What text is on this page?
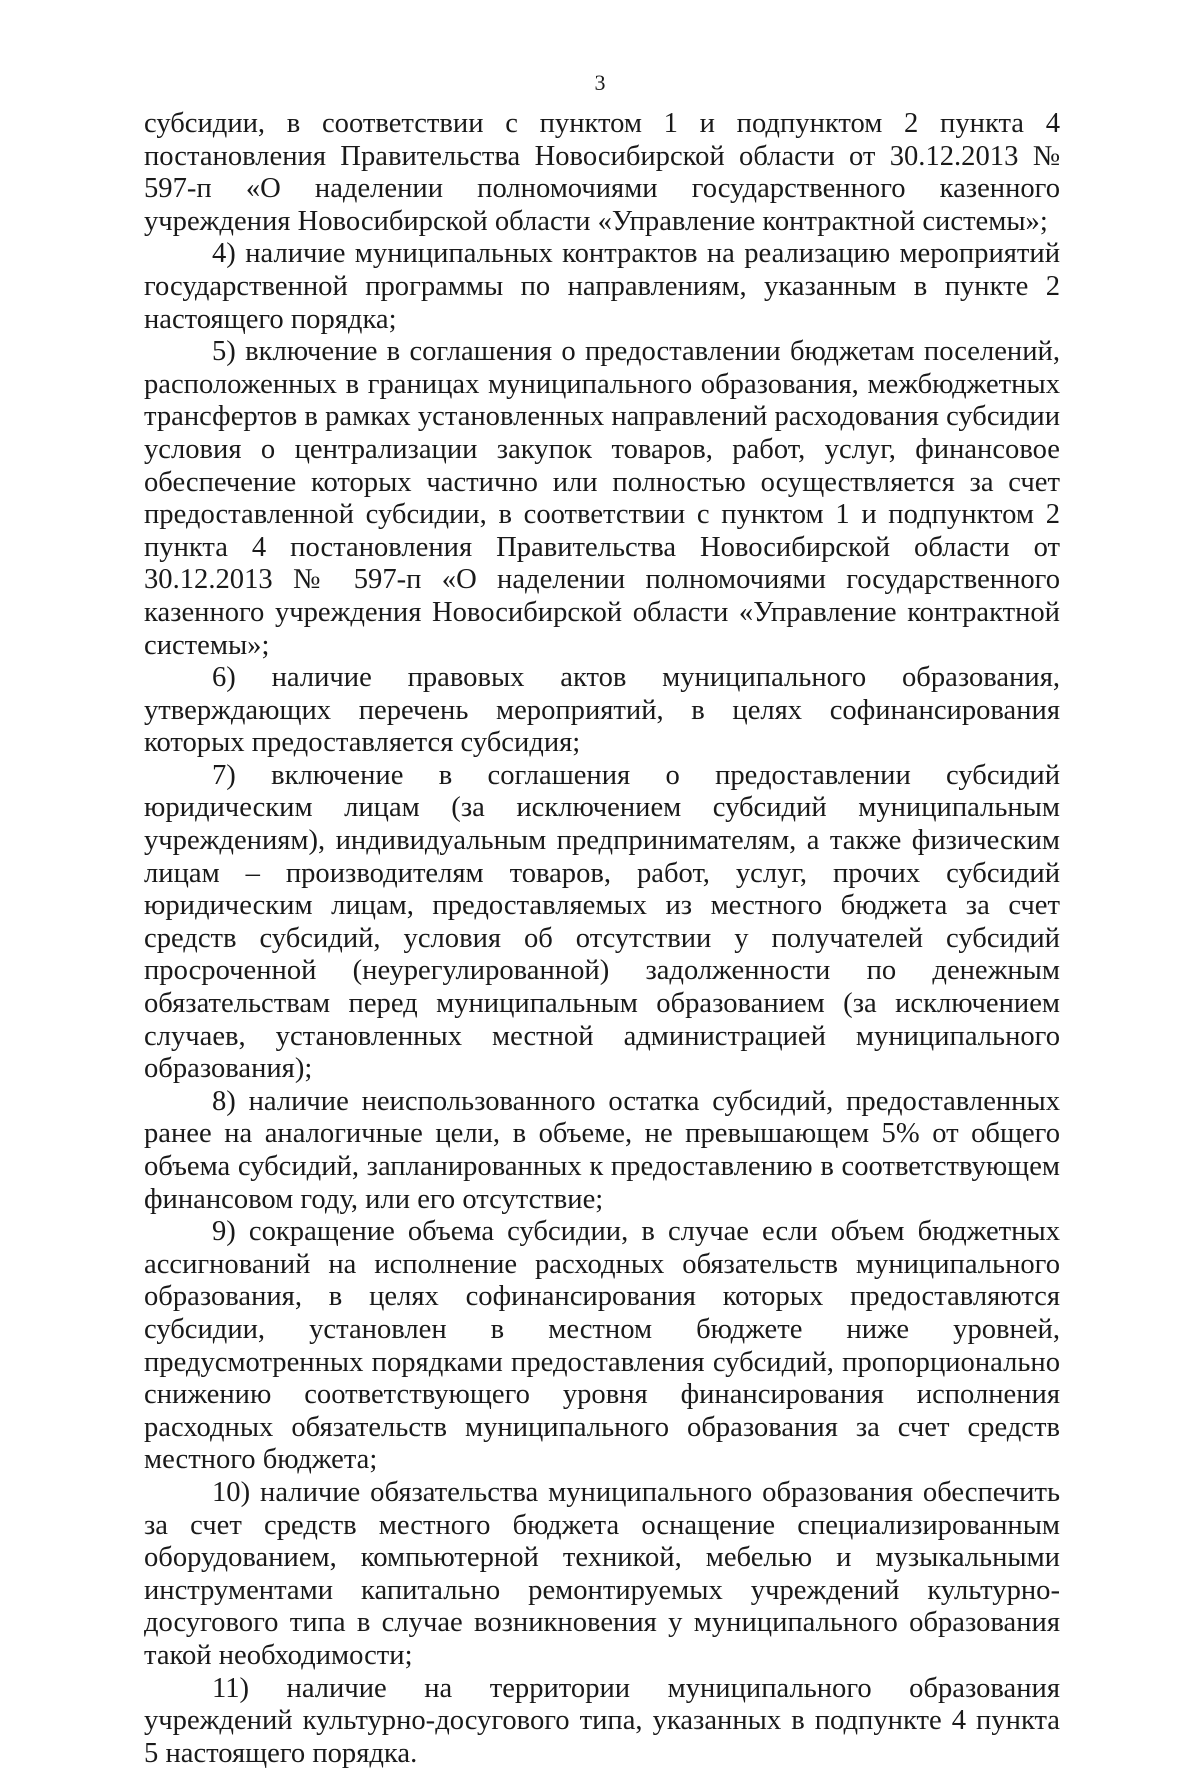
3

субсидии, в соответствии с пунктом 1 и подпунктом 2 пункта 4 постановления Правительства Новосибирской области от 30.12.2013 № 597-п «О наделении полномочиями государственного казенного учреждения Новосибирской области «Управление контрактной системы»;

4) наличие муниципальных контрактов на реализацию мероприятий государственной программы по направлениям, указанным в пункте 2 настоящего порядка;

5) включение в соглашения о предоставлении бюджетам поселений, расположенных в границах муниципального образования, межбюджетных трансфертов в рамках установленных направлений расходования субсидии условия о централизации закупок товаров, работ, услуг, финансовое обеспечение которых частично или полностью осуществляется за счет предоставленной субсидии, в соответствии с пунктом 1 и подпунктом 2 пункта 4 постановления Правительства Новосибирской области от 30.12.2013 № 597-п «О наделении полномочиями государственного казенного учреждения Новосибирской области «Управление контрактной системы»;

6) наличие правовых актов муниципального образования, утверждающих перечень мероприятий, в целях софинансирования которых предоставляется субсидия;

7) включение в соглашения о предоставлении субсидий юридическим лицам (за исключением субсидий муниципальным учреждениям), индивидуальным предпринимателям, а также физическим лицам – производителям товаров, работ, услуг, прочих субсидий юридическим лицам, предоставляемых из местного бюджета за счет средств субсидий, условия об отсутствии у получателей субсидий просроченной (неурегулированной) задолженности по денежным обязательствам перед муниципальным образованием (за исключением случаев, установленных местной администрацией муниципального образования);

8) наличие неиспользованного остатка субсидий, предоставленных ранее на аналогичные цели, в объеме, не превышающем 5% от общего объема субсидий, запланированных к предоставлению в соответствующем финансовом году, или его отсутствие;

9) сокращение объема субсидии, в случае если объем бюджетных ассигнований на исполнение расходных обязательств муниципального образования, в целях софинансирования которых предоставляются субсидии, установлен в местном бюджете ниже уровней, предусмотренных порядками предоставления субсидий, пропорционально снижению соответствующего уровня финансирования исполнения расходных обязательств муниципального образования за счет средств местного бюджета;

10) наличие обязательства муниципального образования обеспечить за счет средств местного бюджета оснащение специализированным оборудованием, компьютерной техникой, мебелью и музыкальными инструментами капитально ремонтируемых учреждений культурно-досугового типа в случае возникновения у муниципального образования такой необходимости;

11) наличие на территории муниципального образования учреждений культурно-досугового типа, указанных в подпункте 4 пункта 5 настоящего порядка.
